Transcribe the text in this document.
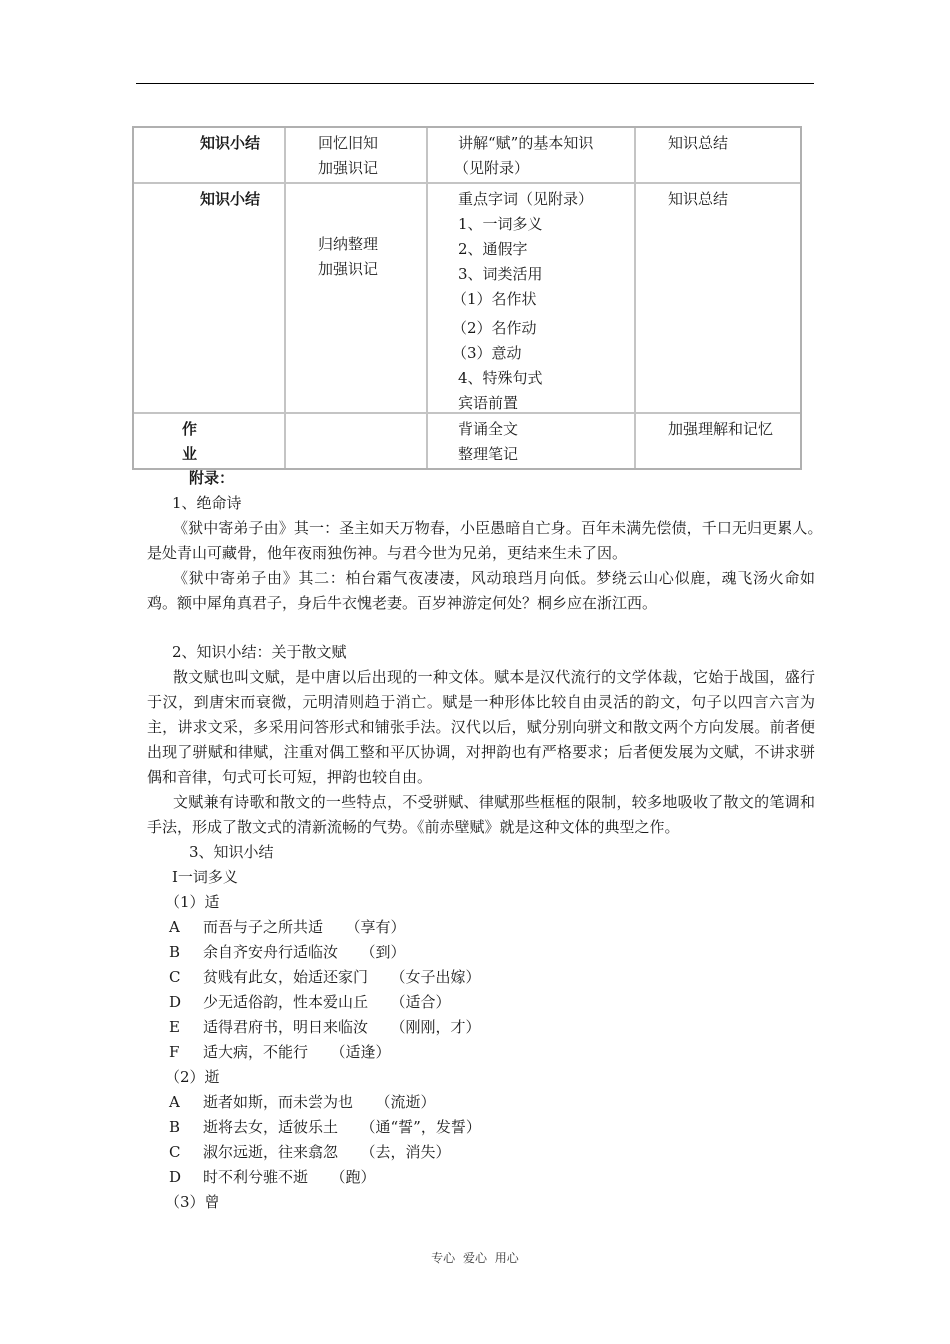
知识小结	回忆旧知
加强识记
讲解“赋”的基本知识
（见附录）
知识总结
知识小结
归纳整理
加强识记
重点字词（见附录）
1、一词多义
2、通假字
3、词类活用
（1）名作状
（2）名作动
（3）意动
4、特殊句式
宾语前置
知识总结
作业
背诵全文
整理笔记
加强理解和记忆
附录：
1、绝命诗
《狱中寄弟子由》其一：圣主如天万物春，小臣愚暗自亡身。百年未满先偿债，千口无归更累人。　是处青山可藏骨，他年夜雨独伤神。与君今世为兄弟，更结来生未了因。
《狱中寄弟子由》其二：柏台霜气夜凄凄，风动琅珰月向低。梦绕云山心似鹿，魂飞汤火命如鸡。额中犀角真君子，身后牛衣愧老妻。百岁神游定何处？桐乡应在浙江西。
2、知识小结：关于散文赋
散文赋也叫文赋，是中唐以后出现的一种文体。赋本是汉代流行的文学体裁，它始于战国，盛行于汉，到唐宋而衰微，元明清则趋于消亡。赋是一种形体比较自由灵活的韵文，句子以四言六言为主，讲求文采，多采用问答形式和铺张手法。汉代以后，赋分别向骈文和散文两个方向发展。前者便出现了骈赋和律赋，注重对偶工整和平仄协调，对押韵也有严格要求；后者便发展为文赋，不讲求骈偶和音律，句式可长可短，押韵也较自由。
文赋兼有诗歌和散文的一些特点，不受骈赋、律赋那些框框的限制，较多地吸收了散文的笔调和手法，形成了散文式的清新流畅的气势。《前赤壁赋》就是这种文体的典型之作。
3、知识小结
Ⅰ一词多义
（1）适
A 而吾与子之所共适　　（享有）
B 余自齐安舟行适临汝　　（到）
C 贫贱有此女，始适还家门　　（女子出嫁）
D 少无适俗韵，性本爱山丘　　（适合）
E 适得君府书，明日来临汝　　（刚刚，才）
F 适大病，不能行　　（适逢）
（2）逝
A 逝者如斯，而未尝为也　　（流逝）
B 逝将去女，适彼乐土　　（通“誓”，发誓）
C 淑尔远逝，往来翕忽　　（去，消失）
D 时不利兮骓不逝　　（跑）
（3）曾
专心 爱心 用心
